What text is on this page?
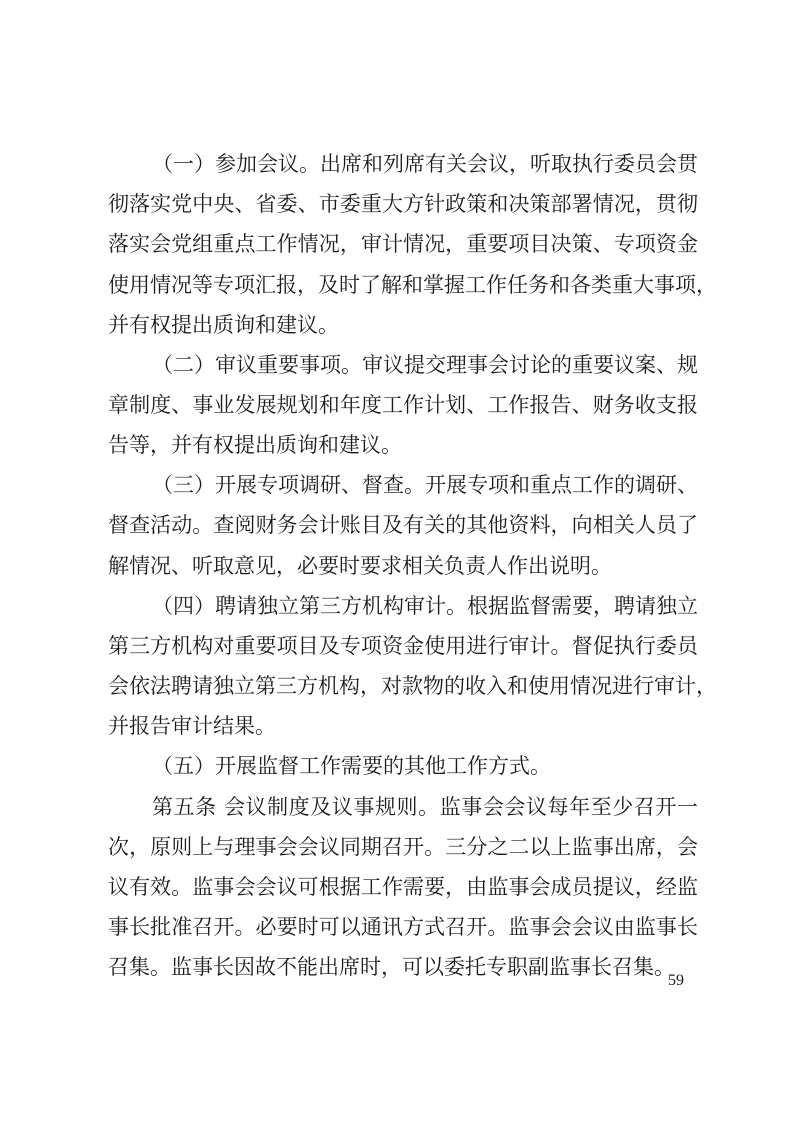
（一）参加会议。出席和列席有关会议，听取执行委员会贯
彻落实党中央、省委、市委重大方针政策和决策部署情况，贯彻
落实会党组重点工作情况，审计情况，重要项目决策、专项资金
使用情况等专项汇报，及时了解和掌握工作任务和各类重大事项，
并有权提出质询和建议。
（二）审议重要事项。审议提交理事会讨论的重要议案、规
章制度、事业发展规划和年度工作计划、工作报告、财务收支报
告等，并有权提出质询和建议。
（三）开展专项调研、督查。开展专项和重点工作的调研、
督查活动。查阅财务会计账目及有关的其他资料，向相关人员了
解情况、听取意见，必要时要求相关负责人作出说明。
（四）聘请独立第三方机构审计。根据监督需要，聘请独立
第三方机构对重要项目及专项资金使用进行审计。督促执行委员
会依法聘请独立第三方机构，对款物的收入和使用情况进行审计，
并报告审计结果。
（五）开展监督工作需要的其他工作方式。
第五条 会议制度及议事规则。监事会会议每年至少召开一
次，原则上与理事会会议同期召开。三分之二以上监事出席，会
议有效。监事会会议可根据工作需要，由监事会成员提议，经监
事长批准召开。必要时可以通讯方式召开。监事会会议由监事长
召集。监事长因故不能出席时，可以委托专职副监事长召集。
59
